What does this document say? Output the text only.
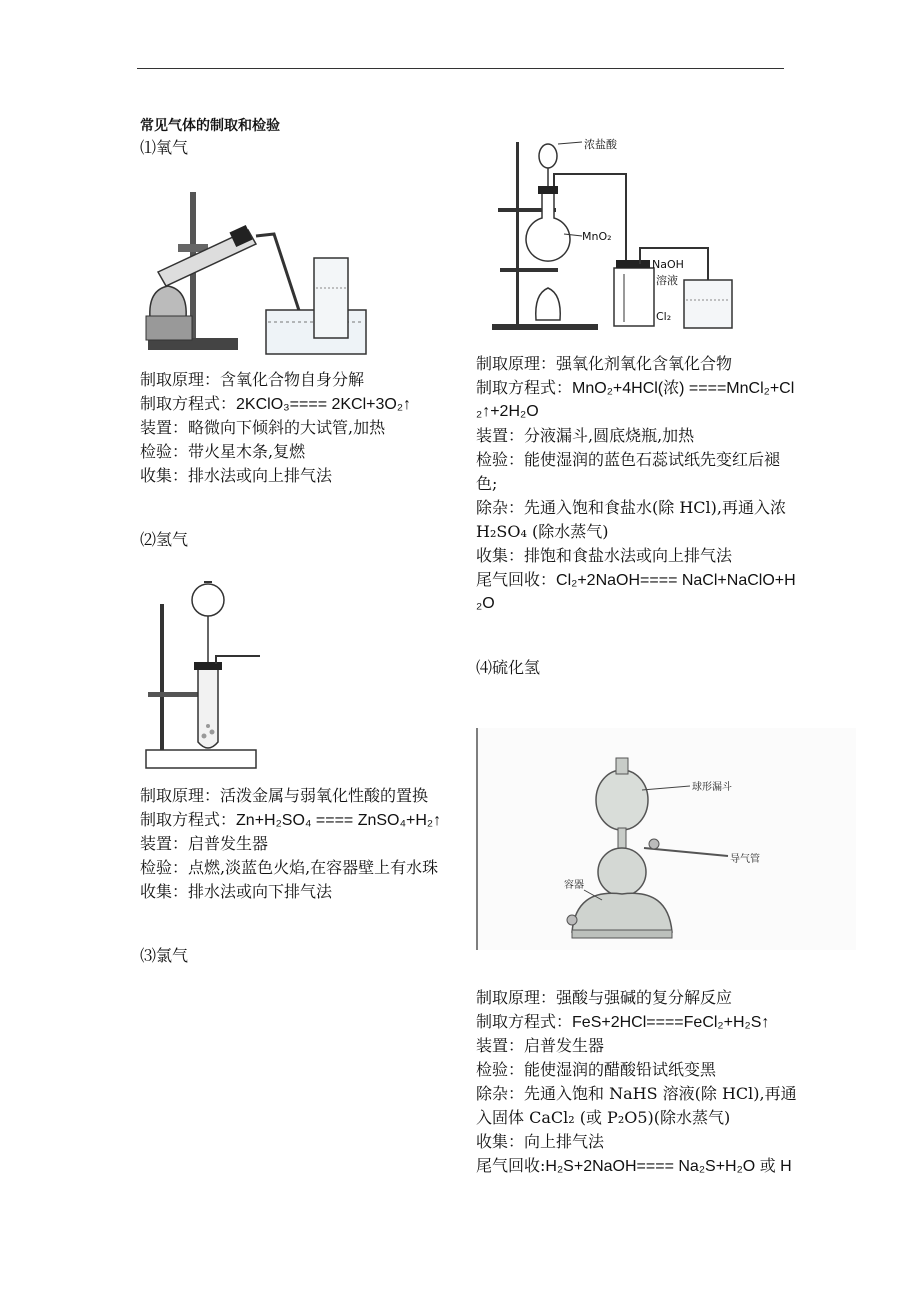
常见气体的制取和检验
⑴氧气
制取原理：含氧化合物自身分解
制取方程式：2KClO₃==== 2KCl+3O₂↑
装置：略微向下倾斜的大试管,加热
检验：带火星木条,复燃
收集：排水法或向上排气法
⑵氢气
制取原理：活泼金属与弱氧化性酸的置换
制取方程式：Zn+H₂SO₄ ==== ZnSO₄+H₂↑
装置：启普发生器
检验：点燃,淡蓝色火焰,在容器壁上有水珠
收集：排水法或向下排气法
⑶氯气
浓盐酸
MnO₂
Cl₂
NaOH
溶液
制取原理：强氧化剂氧化含氧化合物
制取方程式：MnO₂+4HCl(浓) ====MnCl₂+Cl
₂↑+2H₂O
装置：分液漏斗,圆底烧瓶,加热
检验：能使湿润的蓝色石蕊试纸先变红后褪
色;
除杂：先通入饱和食盐水(除 HCl),再通入浓
H₂SO₄ (除水蒸气)
收集：排饱和食盐水法或向上排气法
尾气回收：Cl₂+2NaOH==== NaCl+NaClO+H
₂O
⑷硫化氢
球形漏斗
导气管
容器
制取原理：强酸与强碱的复分解反应
制取方程式：FeS+2HCl====FeCl₂+H₂S↑
装置：启普发生器
检验：能使湿润的醋酸铅试纸变黑
除杂：先通入饱和 NaHS 溶液(除 HCl),再通
入固体 CaCl₂ (或 P₂O5)(除水蒸气)
收集：向上排气法
尾气回收:H₂S+2NaOH==== Na₂S+H₂O 或 H
